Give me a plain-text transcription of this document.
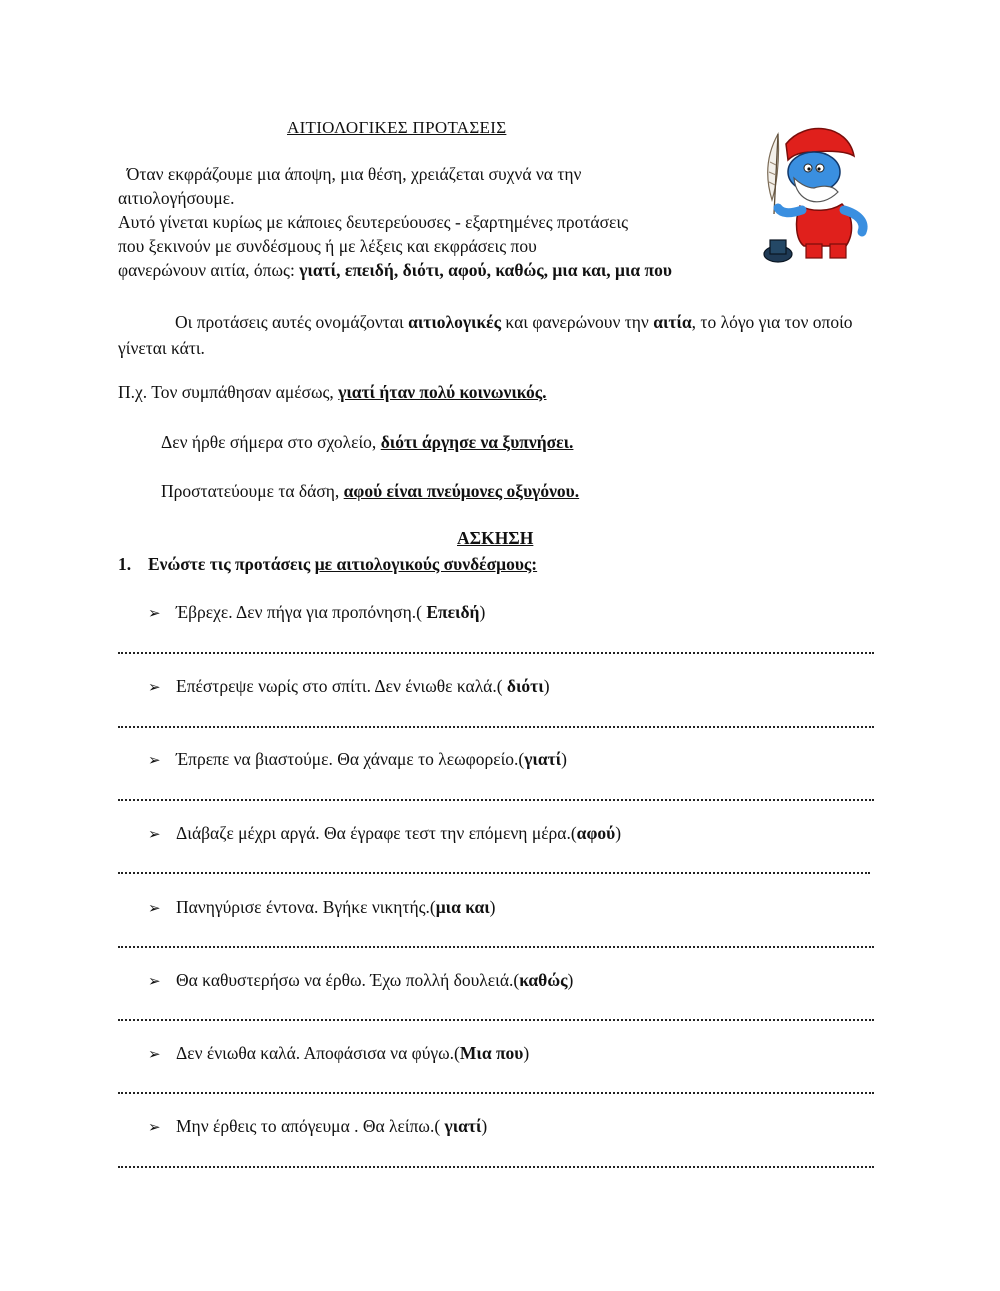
ΑΙΤΙΟΛΟΓΙΚΕΣ ΠΡΟΤΑΣΕΙΣ

Όταν εκφράζουμε μια άποψη, μια θέση, χρειάζεται συχνά να την

αιτιολογήσουμε.

Αυτό γίνεται κυρίως με κάποιες δευτερεύουσες - εξαρτημένες προτάσεις

που ξεκινούν με συνδέσμους ή με λέξεις και εκφράσεις που

φανερώνουν αιτία, όπως: γιατί, επειδή, διότι, αφού, καθώς, μια και, μια που

Οι προτάσεις αυτές ονομάζονται αιτιολογικές και φανερώνουν την αιτία, το λόγο για τον οποίο γίνεται κάτι.
Π.χ. Τον συμπάθησαν αμέσως, γιατί ήταν πολύ κοινωνικός.
Δεν ήρθε σήμερα στο σχολείο, διότι άργησε να ξυπνήσει.
Προστατεύουμε τα δάση, αφού είναι πνεύμονες οξυγόνου.
ΑΣΚΗΣΗ
1. Ενώστε τις προτάσεις με αιτιολογικούς συνδέσμους:
➢ Έβρεχε. Δεν πήγα για προπόνηση.( Επειδή)
➢ Επέστρεψε νωρίς στο σπίτι. Δεν ένιωθε καλά.( διότι)
➢ Έπρεπε να βιαστούμε. Θα χάναμε το λεωφορείο.(γιατί)
➢ Διάβαζε μέχρι αργά. Θα έγραφε τεστ την επόμενη μέρα.(αφού)
➢ Πανηγύρισε έντονα. Βγήκε νικητής.(μια και)
➢ Θα καθυστερήσω να έρθω. Έχω πολλή δουλειά.(καθώς)
➢ Δεν ένιωθα καλά. Αποφάσισα να φύγω.(Μια που)
➢ Μην έρθεις το απόγευμα . Θα λείπω.( γιατί)
